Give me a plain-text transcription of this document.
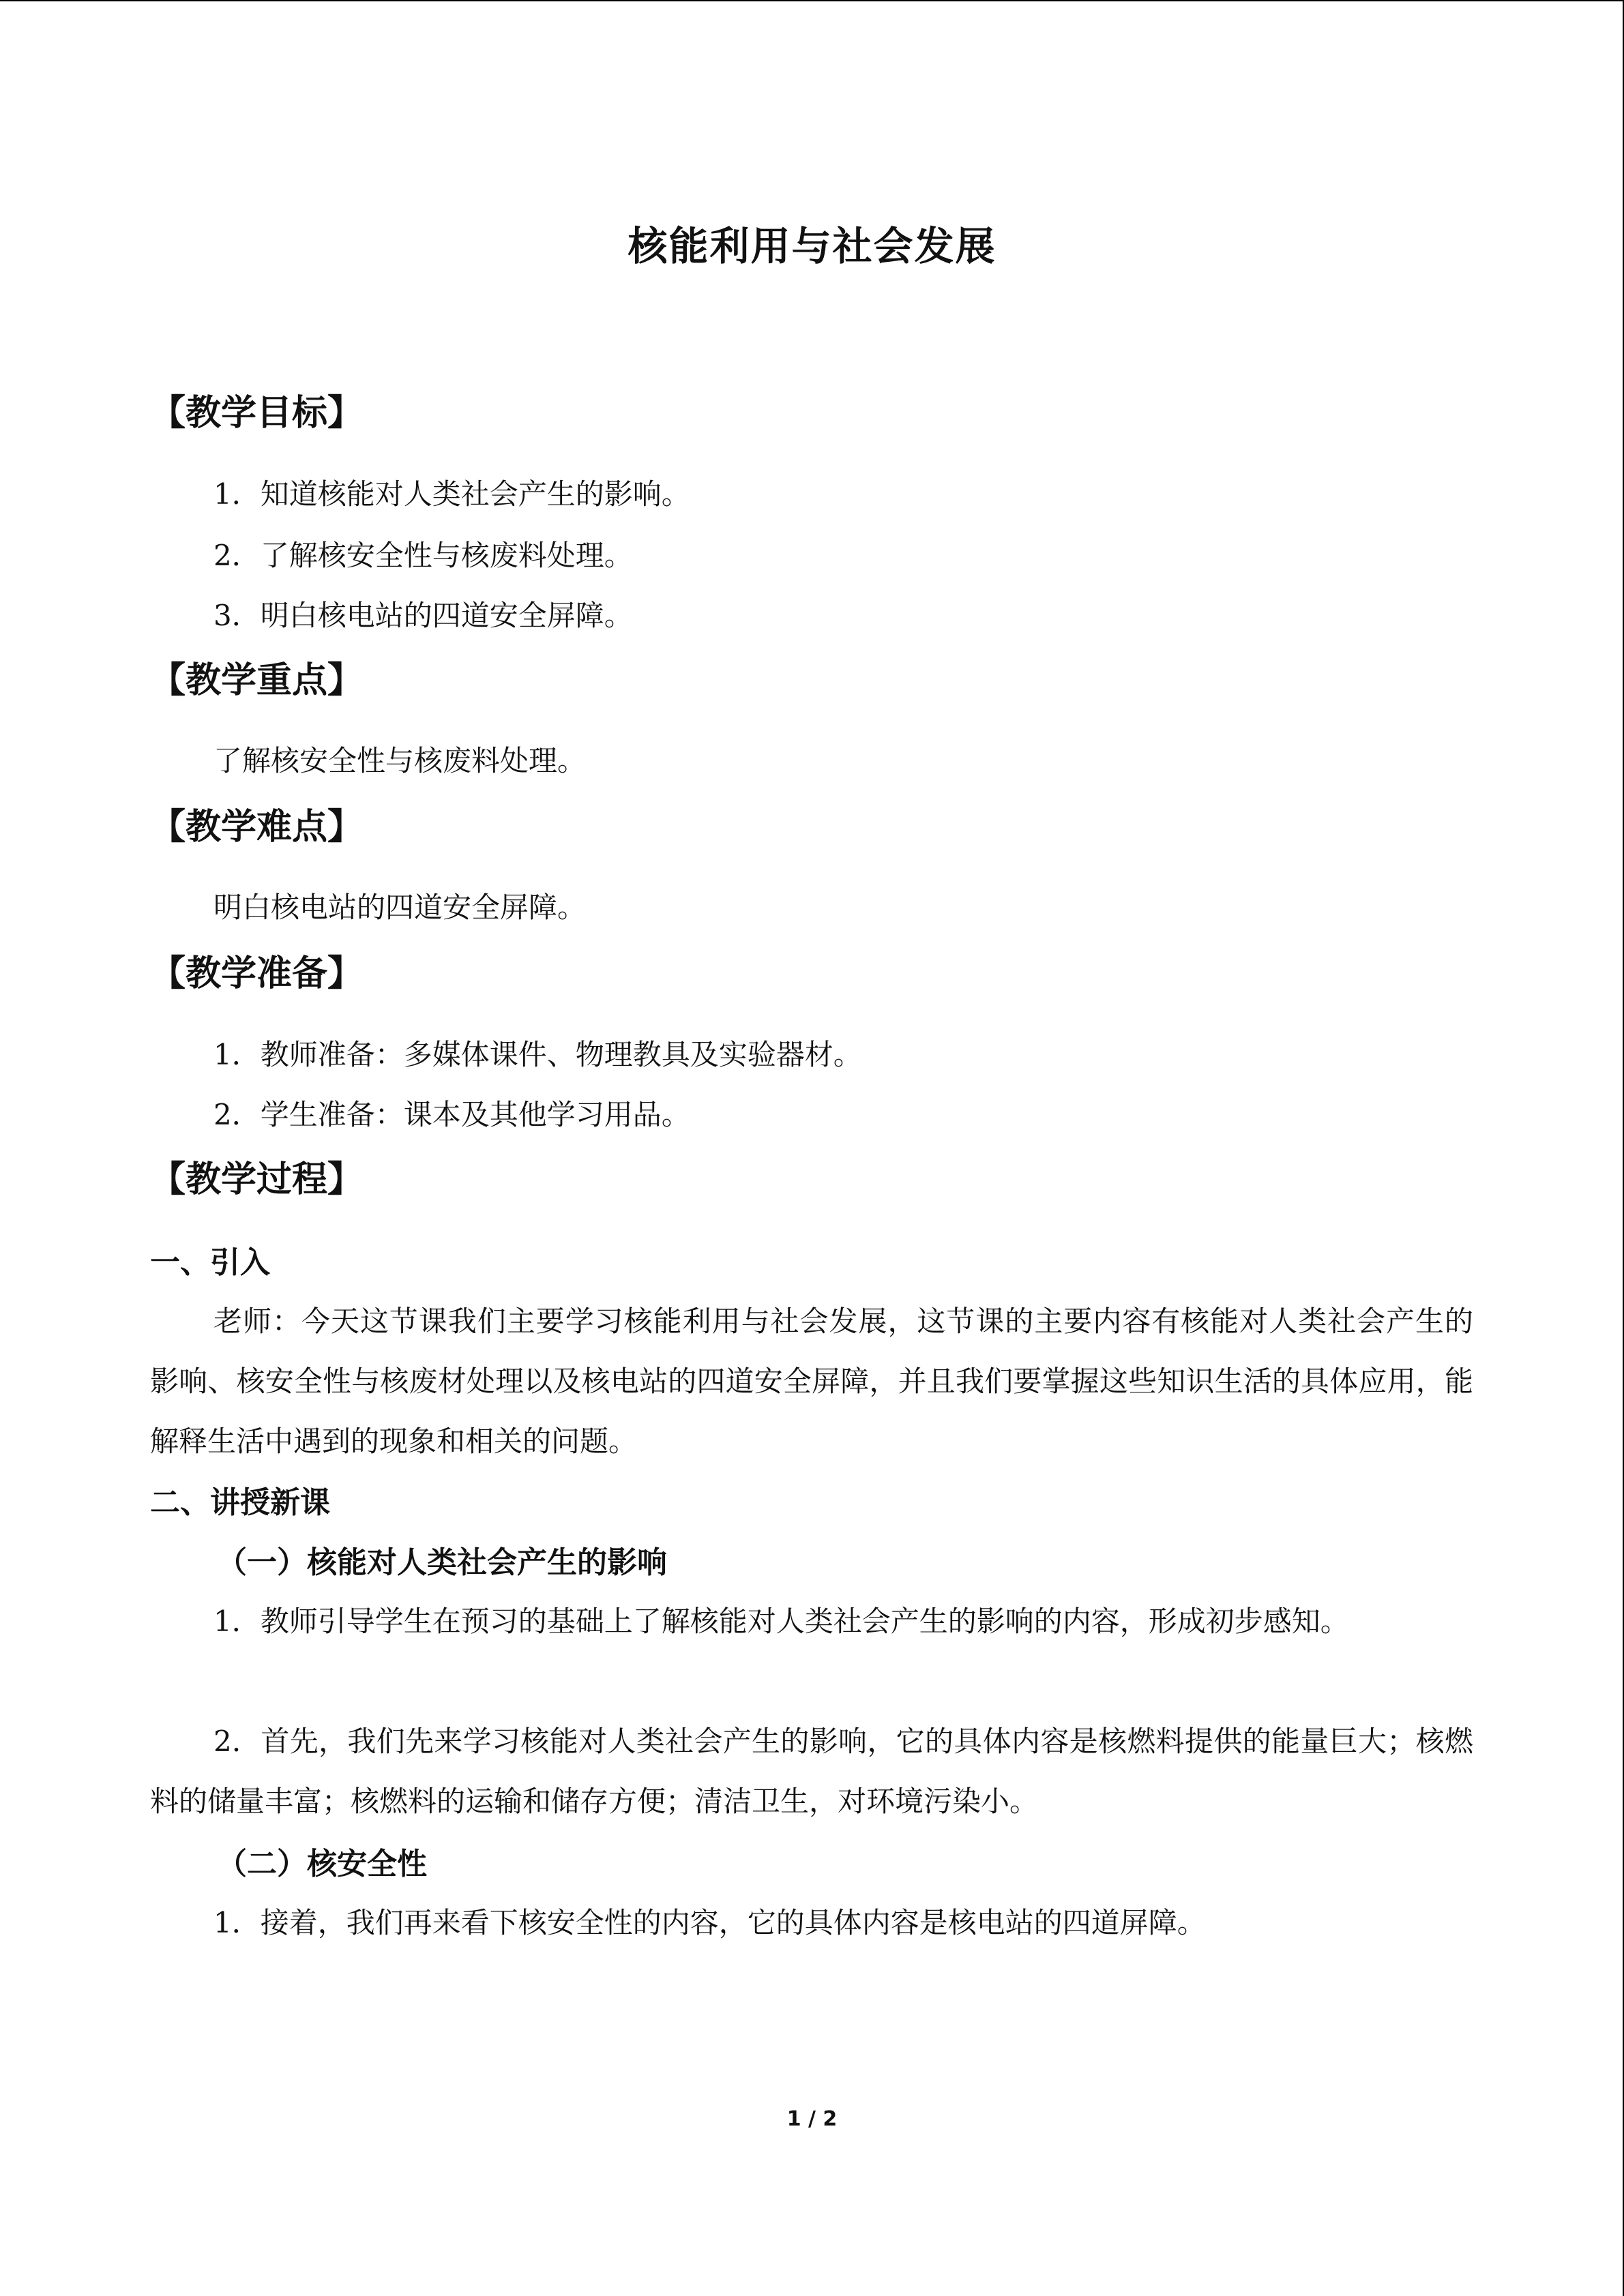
核能利用与社会发展
【教学目标】
1．知道核能对人类社会产生的影响。
2．了解核安全性与核废料处理。
3．明白核电站的四道安全屏障。
【教学重点】
了解核安全性与核废料处理。
【教学难点】
明白核电站的四道安全屏障。
【教学准备】
1．教师准备：多媒体课件、物理教具及实验器材。
2．学生准备：课本及其他学习用品。
【教学过程】
一、引入
老师：今天这节课我们主要学习核能利用与社会发展，这节课的主要内容有核能对人类社会产生的影响、核安全性与核废材处理以及核电站的四道安全屏障，并且我们要掌握这些知识生活的具体应用，能解释生活中遇到的现象和相关的问题。
二、讲授新课
（一）核能对人类社会产生的影响
1．教师引导学生在预习的基础上了解核能对人类社会产生的影响的内容，形成初步感知。
2．首先，我们先来学习核能对人类社会产生的影响，它的具体内容是核燃料提供的能量巨大；核燃料的储量丰富；核燃料的运输和储存方便；清洁卫生，对环境污染小。
（二）核安全性
1．接着，我们再来看下核安全性的内容，它的具体内容是核电站的四道屏障。
1 / 2
